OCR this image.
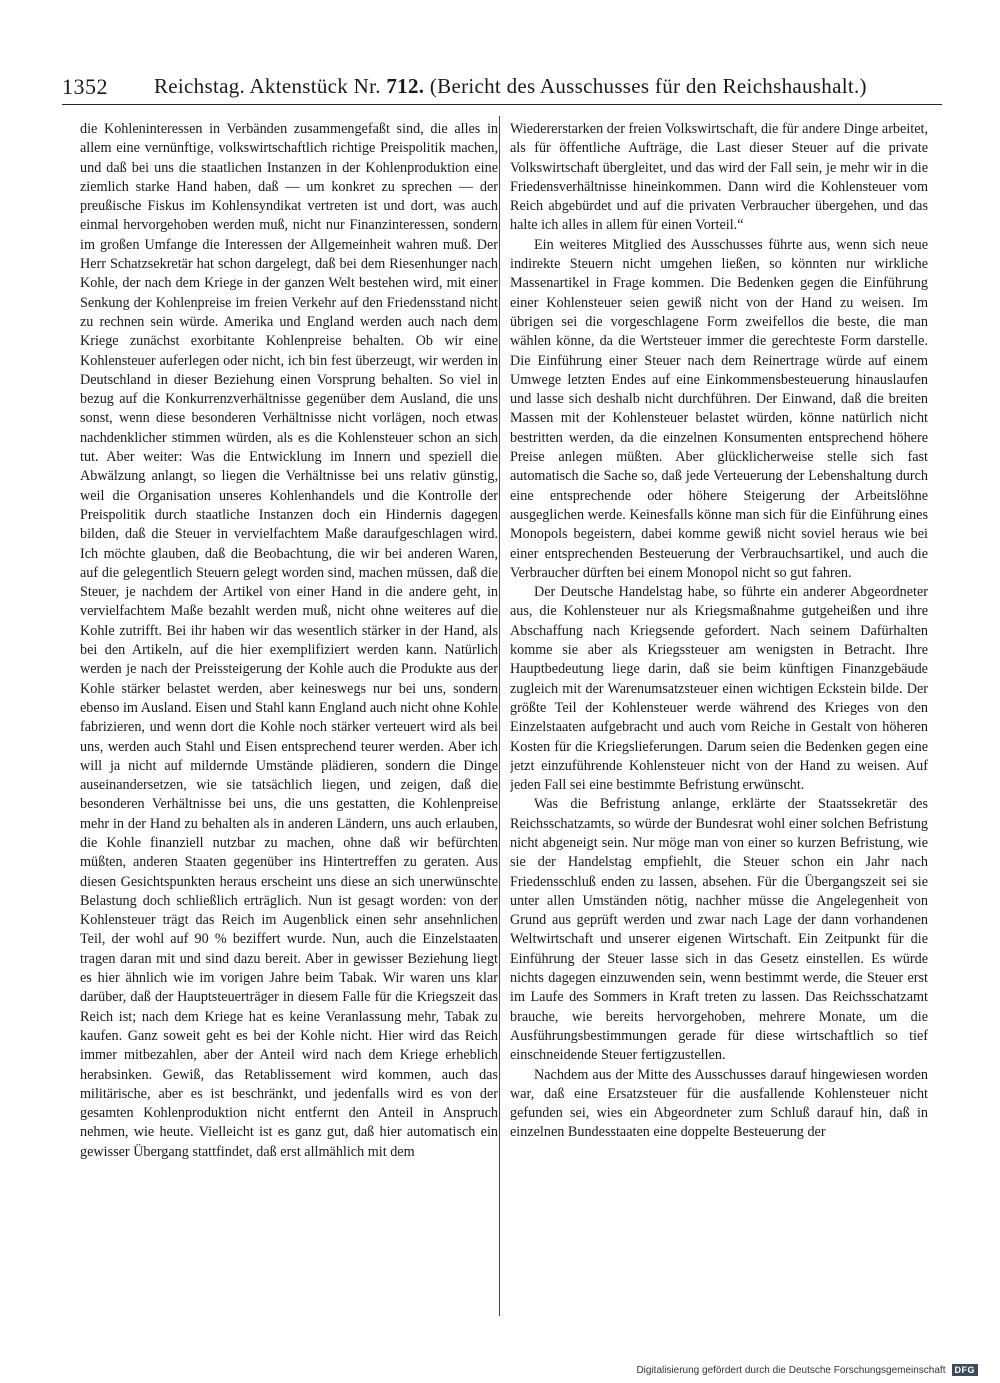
1352 Reichstag. Aktenstück Nr. 712. (Bericht des Ausschusses für den Reichshaushalt.)

die Kohleninteressen in Verbänden zusammengefaßt sind, die alles in allem eine vernünftige, volkswirtschaftlich richtige Preispolitik machen, und daß bei uns die staatlichen Instanzen in der Kohlenproduktion eine ziemlich starke Hand haben, daß — um konkret zu sprechen — der preußische Fiskus im Kohlensyndikat vertreten ist und dort, was auch einmal hervorgehoben werden muß, nicht nur Finanzinteressen, sondern im großen Umfange die Interessen der Allgemeinheit wahren muß. Der Herr Schatzsekretär hat schon dargelegt, daß bei dem Riesenhunger nach Kohle, der nach dem Kriege in der ganzen Welt bestehen wird, mit einer Senkung der Kohlenpreise im freien Verkehr auf den Friedensstand nicht zu rechnen sein würde. Amerika und England werden auch nach dem Kriege zunächst exorbitante Kohlenpreise behalten. Ob wir eine Kohlensteuer auferlegen oder nicht, ich bin fest überzeugt, wir werden in Deutschland in dieser Beziehung einen Vorsprung behalten. So viel in bezug auf die Konkurrenzverhältnisse gegenüber dem Ausland, die uns sonst, wenn diese besonderen Verhältnisse nicht vorlägen, noch etwas nachdenklicher stimmen würden, als es die Kohlensteuer schon an sich tut. Aber weiter: Was die Entwicklung im Innern und speziell die Abwälzung anlangt, so liegen die Verhältnisse bei uns relativ günstig, weil die Organisation unseres Kohlenhandels und die Kontrolle der Preispolitik durch staatliche Instanzen doch ein Hindernis dagegen bilden, daß die Steuer in vervielfachtem Maße daraufgeschlagen wird. Ich möchte glauben, daß die Beobachtung, die wir bei anderen Waren, auf die gelegentlich Steuern gelegt worden sind, machen müssen, daß die Steuer, je nachdem der Artikel von einer Hand in die andere geht, in vervielfachtem Maße bezahlt werden muß, nicht ohne weiteres auf die Kohle zutrifft. Bei ihr haben wir das wesentlich stärker in der Hand, als bei den Artikeln, auf die hier exemplifiziert werden kann. Natürlich werden je nach der Preissteigerung der Kohle auch die Produkte aus der Kohle stärker belastet werden, aber keineswegs nur bei uns, sondern ebenso im Ausland. Eisen und Stahl kann England auch nicht ohne Kohle fabrizieren, und wenn dort die Kohle noch stärker verteuert wird als bei uns, werden auch Stahl und Eisen entsprechend teurer werden. Aber ich will ja nicht auf mildernde Umstände plädieren, sondern die Dinge auseinandersetzen, wie sie tatsächlich liegen, und zeigen, daß die besonderen Verhältnisse bei uns, die uns gestatten, die Kohlenpreise mehr in der Hand zu behalten als in anderen Ländern, uns auch erlauben, die Kohle finanziell nutzbar zu machen, ohne daß wir befürchten müßten, anderen Staaten gegenüber ins Hintertreffen zu geraten. Aus diesen Gesichtspunkten heraus erscheint uns diese an sich unerwünschte Belastung doch schließlich erträglich. Nun ist gesagt worden: von der Kohlensteuer trägt das Reich im Augenblick einen sehr ansehnlichen Teil, der wohl auf 90 % beziffert wurde. Nun, auch die Einzelstaaten tragen daran mit und sind dazu bereit. Aber in gewisser Beziehung liegt es hier ähnlich wie im vorigen Jahre beim Tabak. Wir waren uns klar darüber, daß der Hauptsteuerträger in diesem Falle für die Kriegszeit das Reich ist; nach dem Kriege hat es keine Veranlassung mehr, Tabak zu kaufen. Ganz soweit geht es bei der Kohle nicht. Hier wird das Reich immer mitbezahlen, aber der Anteil wird nach dem Kriege erheblich herabsinken. Gewiß, das Retablissement wird kommen, auch das militärische, aber es ist beschränkt, und jedenfalls wird es von der gesamten Kohlenproduktion nicht entfernt den Anteil in Anspruch nehmen, wie heute. Vielleicht ist es ganz gut, daß hier automatisch ein gewisser Übergang stattfindet, daß erst allmählich mit dem

Wiedererstarken der freien Volkswirtschaft, die für andere Dinge arbeitet, als für öffentliche Aufträge, die Last dieser Steuer auf die private Volkswirtschaft übergleitet, und das wird der Fall sein, je mehr wir in die Friedensverhältnisse hineinkommen. Dann wird die Kohlensteuer vom Reich abgebürdet und auf die privaten Verbraucher übergehen, und das halte ich alles in allem für einen Vorteil.“

Ein weiteres Mitglied des Ausschusses führte aus, wenn sich neue indirekte Steuern nicht umgehen ließen, so könnten nur wirkliche Massenartikel in Frage kommen. Die Bedenken gegen die Einführung einer Kohlensteuer seien gewiß nicht von der Hand zu weisen. Im übrigen sei die vorgeschlagene Form zweifellos die beste, die man wählen könne, da die Wertsteuer immer die gerechteste Form darstelle. Die Einführung einer Steuer nach dem Reinertrage würde auf einem Umwege letzten Endes auf eine Einkommensbesteuerung hinauslaufen und lasse sich deshalb nicht durchführen. Der Einwand, daß die breiten Massen mit der Kohlensteuer belastet würden, könne natürlich nicht bestritten werden, da die einzelnen Konsumenten entsprechend höhere Preise anlegen müßten. Aber glücklicherweise stelle sich fast automatisch die Sache so, daß jede Verteuerung der Lebenshaltung durch eine entsprechende oder höhere Steigerung der Arbeitslöhne ausgeglichen werde. Keinesfalls könne man sich für die Einführung eines Monopols begeistern, dabei komme gewiß nicht soviel heraus wie bei einer entsprechenden Besteuerung der Verbrauchsartikel, und auch die Verbraucher dürften bei einem Monopol nicht so gut fahren.

Der Deutsche Handelstag habe, so führte ein anderer Abgeordneter aus, die Kohlensteuer nur als Kriegsmaßnahme gutgeheißen und ihre Abschaffung nach Kriegsende gefordert. Nach seinem Dafürhalten komme sie aber als Kriegssteuer am wenigsten in Betracht. Ihre Hauptbedeutung liege darin, daß sie beim künftigen Finanzgebäude zugleich mit der Warenumsatzsteuer einen wichtigen Eckstein bilde. Der größte Teil der Kohlensteuer werde während des Krieges von den Einzelstaaten aufgebracht und auch vom Reiche in Gestalt von höheren Kosten für die Kriegslieferungen. Darum seien die Bedenken gegen eine jetzt einzuführende Kohlensteuer nicht von der Hand zu weisen. Auf jeden Fall sei eine bestimmte Befristung erwünscht.

Was die Befristung anlange, erklärte der Staatssekretär des Reichsschatzamts, so würde der Bundesrat wohl einer solchen Befristung nicht abgeneigt sein. Nur möge man von einer so kurzen Befristung, wie sie der Handelstag empfiehlt, die Steuer schon ein Jahr nach Friedensschluß enden zu lassen, absehen. Für die Übergangszeit sei sie unter allen Umständen nötig, nachher müsse die Angelegenheit von Grund aus geprüft werden und zwar nach Lage der dann vorhandenen Weltwirtschaft und unserer eigenen Wirtschaft. Ein Zeitpunkt für die Einführung der Steuer lasse sich in das Gesetz einstellen. Es würde nichts dagegen einzuwenden sein, wenn bestimmt werde, die Steuer erst im Laufe des Sommers in Kraft treten zu lassen. Das Reichsschatzamt brauche, wie bereits hervorgehoben, mehrere Monate, um die Ausführungsbestimmungen gerade für diese wirtschaftlich so tief einschneidende Steuer fertigzustellen.

Nachdem aus der Mitte des Ausschusses darauf hingewiesen worden war, daß eine Ersatzsteuer für die ausfallende Kohlensteuer nicht gefunden sei, wies ein Abgeordneter zum Schluß darauf hin, daß in einzelnen Bundesstaaten eine doppelte Besteuerung der

Digitalisierung gefördert durch die Deutsche Forschungsgemeinschaft	DFG
